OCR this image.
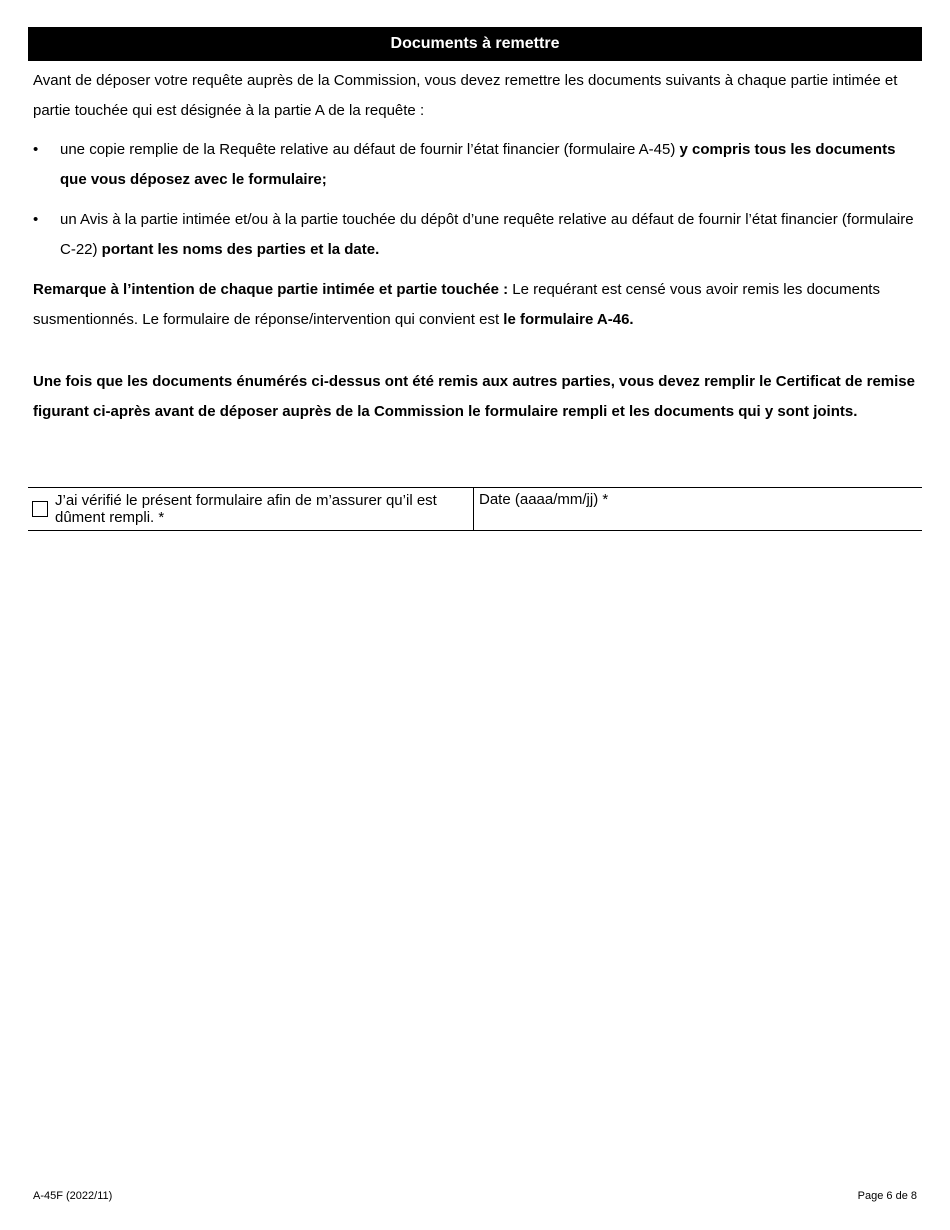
Documents à remettre

Avant de déposer votre requête auprès de la Commission, vous devez remettre les documents suivants à chaque partie intimée et partie touchée qui est désignée à la partie A de la requête :

• une copie remplie de la Requête relative au défaut de fournir l’état financier (formulaire A-45) y compris tous les documents que vous déposez avec le formulaire;
• un Avis à la partie intimée et/ou à la partie touchée du dépôt d’une requête relative au défaut de fournir l’état financier (formulaire C-22) portant les noms des parties et la date.

Remarque à l’intention de chaque partie intimée et partie touchée : Le requérant est censé vous avoir remis les documents susmentionnés. Le formulaire de réponse/intervention qui convient est le formulaire A-46.

Une fois que les documents énumérés ci-dessus ont été remis aux autres parties, vous devez remplir le Certificat de remise figurant ci-après avant de déposer auprès de la Commission le formulaire rempli et les documents qui y sont joints.

J’ai vérifié le présent formulaire afin de m’assurer qu’il est dûment rempli. *
Date (aaaa/mm/jj) *
A-45F (2022/11)	Page 6 de 8
